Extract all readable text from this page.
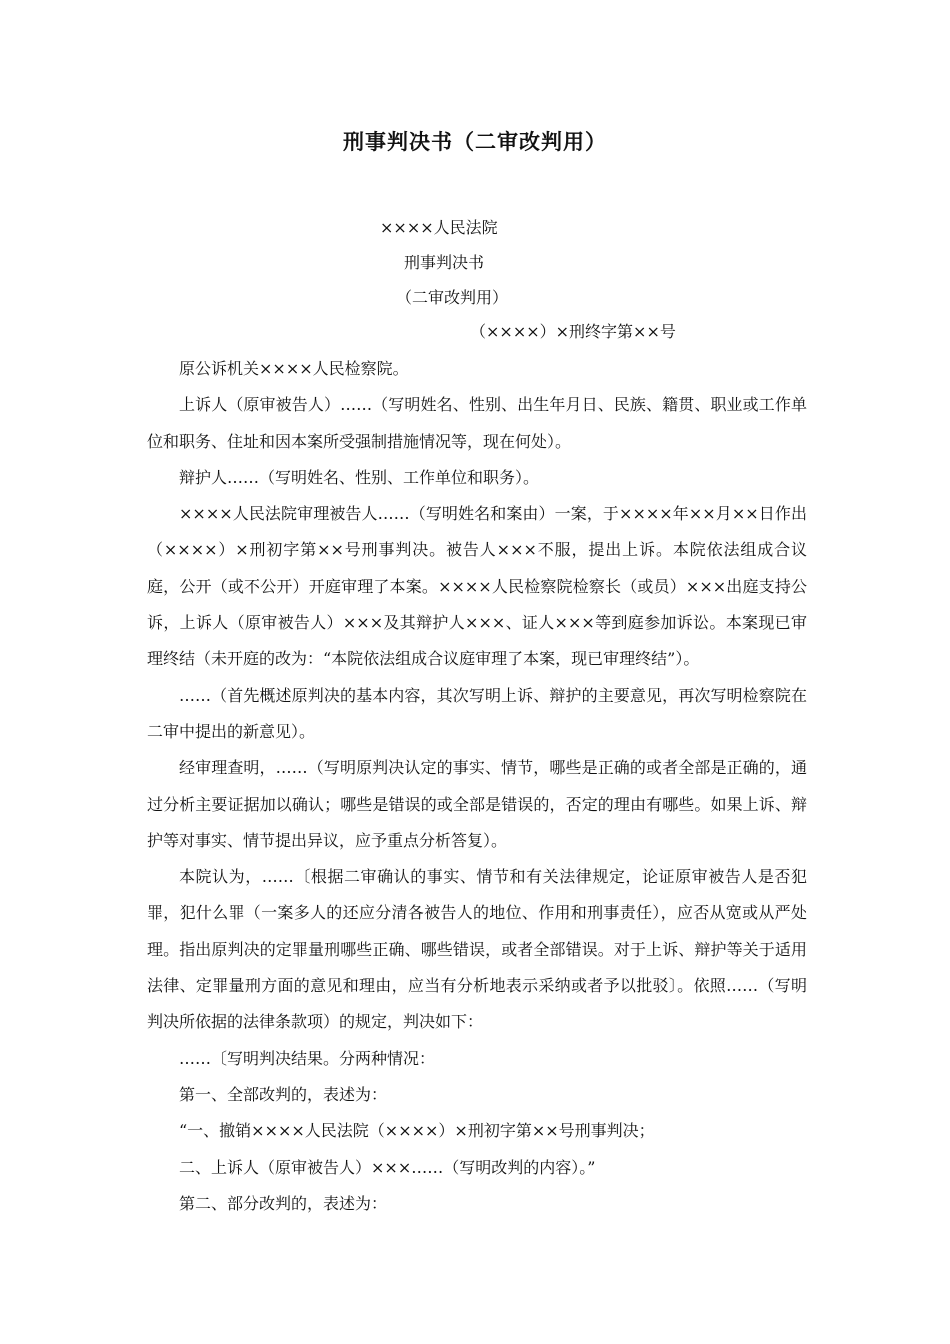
刑事判决书（二审改判用）
××××人民法院
刑事判决书
（二审改判用）
（××××）×刑终字第××号

原公诉机关××××人民检察院。

上诉人（原审被告人）……（写明姓名、性别、出生年月日、民族、籍贯、职业或工作单位和职务、住址和因本案所受强制措施情况等，现在何处）。

辩护人……（写明姓名、性别、工作单位和职务）。

××××人民法院审理被告人……（写明姓名和案由）一案，于××××年××月××日作出（××××）×刑初字第××号刑事判决。被告人×××不服，提出上诉。本院依法组成合议庭，公开（或不公开）开庭审理了本案。××××人民检察院检察长（或员）×××出庭支持公诉，上诉人（原审被告人）×××及其辩护人×××、证人×××等到庭参加诉讼。本案现已审理终结（未开庭的改为：“本院依法组成合议庭审理了本案，现已审理终结”）。

……（首先概述原判决的基本内容，其次写明上诉、辩护的主要意见，再次写明检察院在二审中提出的新意见）。

经审理查明，……（写明原判决认定的事实、情节，哪些是正确的或者全部是正确的，通过分析主要证据加以确认；哪些是错误的或全部是错误的，否定的理由有哪些。如果上诉、辩护等对事实、情节提出异议，应予重点分析答复）。

本院认为，……〔根据二审确认的事实、情节和有关法律规定，论证原审被告人是否犯罪，犯什么罪（一案多人的还应分清各被告人的地位、作用和刑事责任），应否从宽或从严处理。指出原判决的定罪量刑哪些正确、哪些错误，或者全部错误。对于上诉、辩护等关于适用法律、定罪量刑方面的意见和理由，应当有分析地表示采纳或者予以批驳〕。依照……（写明判决所依据的法律条款项）的规定，判决如下：

……〔写明判决结果。分两种情况：

第一、全部改判的，表述为：

“一、撤销××××人民法院（××××）×刑初字第××号刑事判决；

二、上诉人（原审被告人）×××……（写明改判的内容）。”

第二、部分改判的，表述为：
